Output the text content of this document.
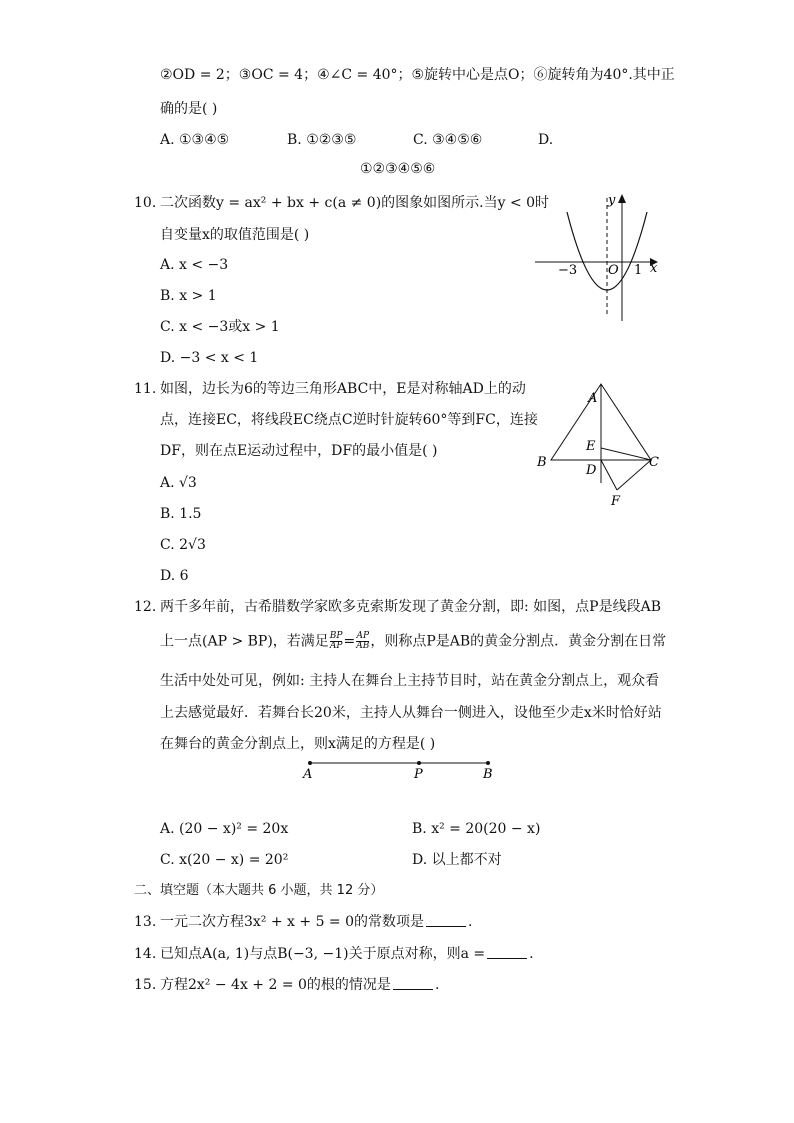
②OD = 2；③OC = 4；④∠C = 40°；⑤旋转中心是点O；⑥旋转角为40°.其中正
确的是( )
A. ①③④⑤	B. ①②③⑤	C. ③④⑤⑥	D.
①②③④⑤⑥
10. 二次函数y = ax² + bx + c(a ≠ 0)的图象如图所示.当y < 0时
自变量x的取值范围是( )
A. x < −3
B. x > 1
C. x < −3或x > 1
D. −3 < x < 1
y
x
O
−3	1
11. 如图，边长为6的等边三角形ABC中，E是对称轴AD上的动
点，连接EC，将线段EC绕点C逆时针旋转60°等到FC，连接
DF，则在点E运动过程中，DF的最小值是( )
A. √3
B. 1.5
C. 2√3
D. 6
A
B	C
D
E
F
12. 两千多年前，古希腊数学家欧多克索斯发现了黄金分割，即: 如图，点P是线段AB
上一点(AP > BP)，若满足 $\frac{BP}{AP} = \frac{AP}{AB}$ ，则称点P是AB的黄金分割点．黄金分割在日常
生活中处处可见，例如: 主持人在舞台上主持节目时，站在黄金分割点上，观众看
上去感觉最好．若舞台长20米，主持人从舞台一侧进入，设他至少走x米时恰好站
在舞台的黄金分割点上，则x满足的方程是( )
A	P	B
A. (20 − x)² = 20x	B. x² = 20(20 − x)
C. x(20 − x) = 20²	D. 以上都不对
二、填空题（本大题共 6 小题，共 12 分）
13. 一元二次方程3x² + x + 5 = 0的常数项是	.
14. 已知点A(a, 1)与点B(−3, −1)关于原点对称，则a =	.
15. 方程2x² − 4x + 2 = 0的根的情况是	.
